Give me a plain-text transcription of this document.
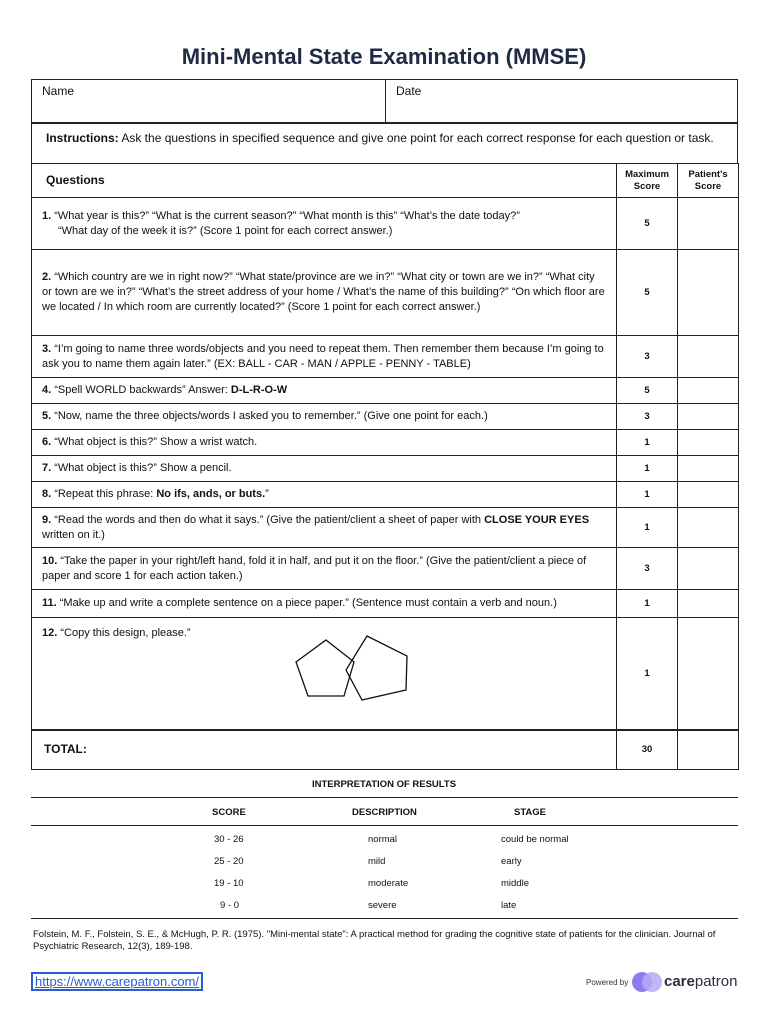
Mini-Mental State Examination (MMSE)
Name	Date
Instructions: Ask the questions in specified sequence and give one point for each correct response for each question or task.
Questions	Maximum Score	Patient's Score
1. “What year is this?” “What is the current season?” “What month is this” “What’s the date today?”
“What day of the week it is?” (Score 1 point for each correct answer.)	5	
2. “Which country are we in right now?” “What state/province are we in?” “What city or town are we in?” “What city or town are we in?” “What’s the street address of your home / What’s the name of this building?” “On which floor are we located / In which room are currently located?” (Score 1 point for each correct answer.)	5	
3. “I’m going to name three words/objects and you need to repeat them. Then remember them because I’m going to ask you to name them again later.” (EX: BALL - CAR - MAN / APPLE - PENNY - TABLE)	3	
4. “Spell WORLD backwards” Answer: D-L-R-O-W	5	
5. “Now, name the three objects/words I asked you to remember.” (Give one point for each.)	3	
6. “What object is this?” Show a wrist watch.	1	
7. “What object is this?” Show a pencil.	1	
8. “Repeat this phrase: No ifs, ands, or buts.”	1	
9. “Read the words and then do what it says.” (Give the patient/client a sheet of paper with CLOSE YOUR EYES written on it.)	1	
10. “Take the paper in your right/left hand, fold it in half, and put it on the floor.” (Give the patient/client a piece of paper and score 1 for each action taken.)	3	
11. “Make up and write a complete sentence on a piece paper.” (Sentence must contain a verb and noun.)	1	

12. “Copy this design, please.”	1	
TOTAL:	30	
INTERPRETATION OF RESULTS
SCORE	DESCRIPTION	STAGE
30 - 26	normal	could be normal
25 - 20	mild	early
19 - 10	moderate	middle
9 - 0	severe	late
Folstein, M. F., Folstein, S. E., & McHugh, P. R. (1975). "Mini-mental state": A practical method for grading the cognitive state of patients for the clinician. Journal of Psychiatric Research, 12(3), 189-198.
https://www.carepatron.com/	Powered by carepatron
